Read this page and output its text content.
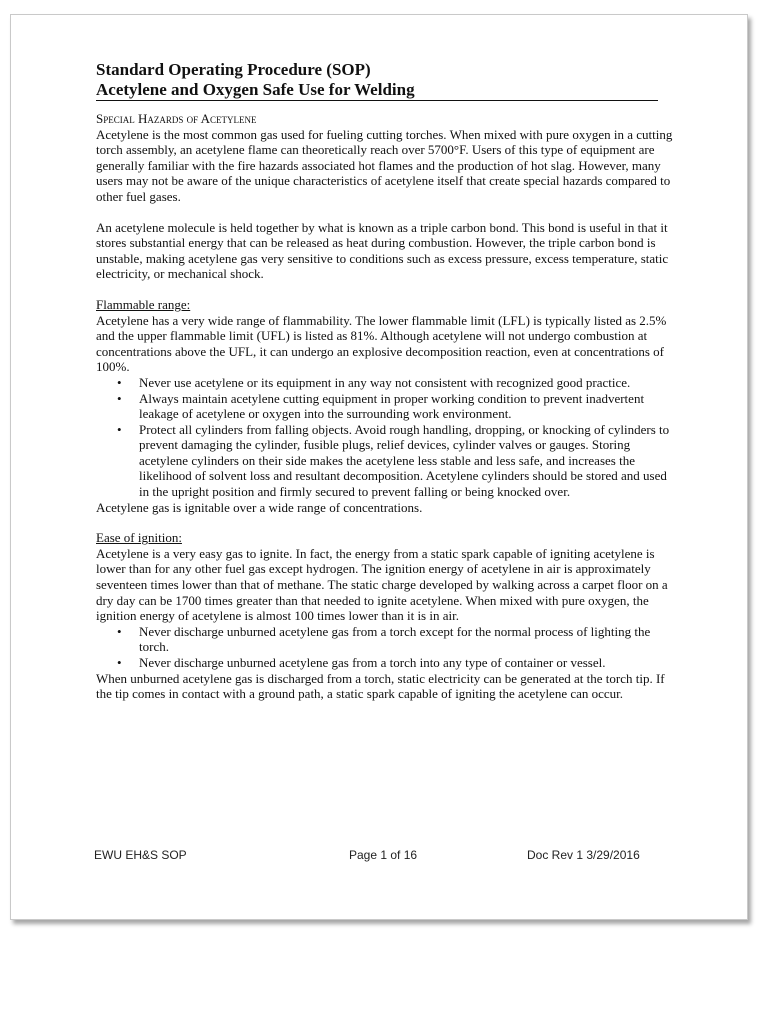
Standard Operating Procedure (SOP)
Acetylene and Oxygen Safe Use for Welding

Special Hazards of Acetylene

Acetylene is the most common gas used for fueling cutting torches. When mixed with pure oxygen in a cutting torch assembly, an acetylene flame can theoretically reach over 5700°F. Users of this type of equipment are generally familiar with the fire hazards associated hot flames and the production of hot slag. However, many users may not be aware of the unique characteristics of acetylene itself that create special hazards compared to other fuel gases.

An acetylene molecule is held together by what is known as a triple carbon bond. This bond is useful in that it stores substantial energy that can be released as heat during combustion. However, the triple carbon bond is unstable, making acetylene gas very sensitive to conditions such as excess pressure, excess temperature, static electricity, or mechanical shock.

Flammable range:

Acetylene has a very wide range of flammability. The lower flammable limit (LFL) is typically listed as 2.5% and the upper flammable limit (UFL) is listed as 81%. Although acetylene will not undergo combustion at concentrations above the UFL, it can undergo an explosive decomposition reaction, even at concentrations of 100%.

• Never use acetylene or its equipment in any way not consistent with recognized good practice.
• Always maintain acetylene cutting equipment in proper working condition to prevent inadvertent leakage of acetylene or oxygen into the surrounding work environment.
• Protect all cylinders from falling objects. Avoid rough handling, dropping, or knocking of cylinders to prevent damaging the cylinder, fusible plugs, relief devices, cylinder valves or gauges. Storing acetylene cylinders on their side makes the acetylene less stable and less safe, and increases the likelihood of solvent loss and resultant decomposition. Acetylene cylinders should be stored and used in the upright position and firmly secured to prevent falling or being knocked over.

Acetylene gas is ignitable over a wide range of concentrations.

Ease of ignition:

Acetylene is a very easy gas to ignite. In fact, the energy from a static spark capable of igniting acetylene is lower than for any other fuel gas except hydrogen. The ignition energy of acetylene in air is approximately seventeen times lower than that of methane. The static charge developed by walking across a carpet floor on a dry day can be 1700 times greater than that needed to ignite acetylene. When mixed with pure oxygen, the ignition energy of acetylene is almost 100 times lower than it is in air.

• Never discharge unburned acetylene gas from a torch except for the normal process of lighting the torch.
• Never discharge unburned acetylene gas from a torch into any type of container or vessel.

When unburned acetylene gas is discharged from a torch, static electricity can be generated at the torch tip. If the tip comes in contact with a ground path, a static spark capable of igniting the acetylene can occur.

EWU EH&S SOP	Page 1 of 16	Doc Rev 1 3/29/2016
